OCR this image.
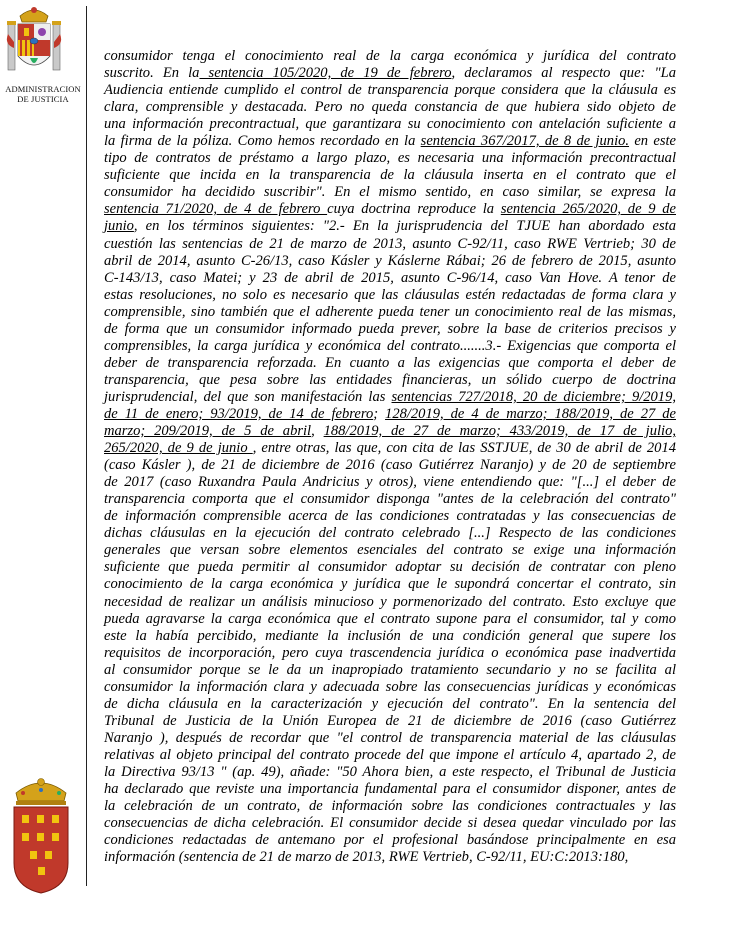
ADMINISTRACION
DE JUSTICIA
consumidor tenga el conocimiento real de la carga económica y jurídica del contrato
suscrito. En la sentencia 105/2020, de 19 de febrero, declaramos al respecto que: "La
Audiencia entiende cumplido el control de transparencia porque considera que la cláusula es
clara, comprensible y destacada. Pero no queda constancia de que hubiera sido objeto de
una información precontractual, que garantizara su conocimiento con antelación suficiente a
la firma de la póliza. Como hemos recordado en la sentencia 367/2017, de 8 de junio. en este
tipo de contratos de préstamo a largo plazo, es necesaria una información precontractual
suficiente que incida en la transparencia de la cláusula inserta en el contrato que el
consumidor ha decidido suscribir". En el mismo sentido, en caso similar, se expresa la
sentencia 71/2020, de 4 de febrero cuya doctrina reproduce la sentencia 265/2020, de 9 de
junio, en los términos siguientes: "2.- En la jurisprudencia del TJUE han abordado esta
cuestión las sentencias de 21 de marzo de 2013, asunto C-92/11, caso RWE Vertrieb; 30 de
abril de 2014, asunto C-26/13, caso Kásler y Káslerne Rábai; 26 de febrero de 2015, asunto
C-143/13, caso Matei; y 23 de abril de 2015, asunto C-96/14, caso Van Hove. A tenor de
estas resoluciones, no solo es necesario que las cláusulas estén redactadas de forma clara y
comprensible, sino también que el adherente pueda tener un conocimiento real de las mismas,
de forma que un consumidor informado pueda prever, sobre la base de criterios precisos y
comprensibles, la carga jurídica y económica del contrato.......3.- Exigencias que comporta el
deber de transparencia reforzada. En cuanto a las exigencias que comporta el deber de
transparencia, que pesa sobre las entidades financieras, un sólido cuerpo de doctrina
jurisprudencial, del que son manifestación las sentencias 727/2018, 20 de diciembre; 9/2019,
de 11 de enero; 93/2019, de 14 de febrero; 128/2019, de 4 de marzo; 188/2019, de 27 de
marzo; 209/2019, de 5 de abril, 188/2019, de 27 de marzo; 433/2019, de 17 de julio,
265/2020, de 9 de junio , entre otras, las que, con cita de las SSTJUE, de 30 de abril de 2014
(caso Kásler ), de 21 de diciembre de 2016 (caso Gutiérrez Naranjo) y de 20 de septiembre
de 2017 (caso Ruxandra Paula Andricius y otros), viene entendiendo que: "[...] el deber de
transparencia comporta que el consumidor disponga "antes de la celebración del contrato"
de información comprensible acerca de las condiciones contratadas y las consecuencias de
dichas cláusulas en la ejecución del contrato celebrado [...] Respecto de las condiciones
generales que versan sobre elementos esenciales del contrato se exige una información
suficiente que pueda permitir al consumidor adoptar su decisión de contratar con pleno
conocimiento de la carga económica y jurídica que le supondrá concertar el contrato, sin
necesidad de realizar un análisis minucioso y pormenorizado del contrato. Esto excluye que
pueda agravarse la carga económica que el contrato supone para el consumidor, tal y como
este la había percibido, mediante la inclusión de una condición general que supere los
requisitos de incorporación, pero cuya trascendencia jurídica o económica pase inadvertida
al consumidor porque se le da un inapropiado tratamiento secundario y no se facilita al
consumidor la información clara y adecuada sobre las consecuencias jurídicas y económicas
de dicha cláusula en la caracterización y ejecución del contrato". En la sentencia del
Tribunal de Justicia de la Unión Europea de 21 de diciembre de 2016 (caso Gutiérrez
Naranjo ), después de recordar que "el control de transparencia material de las cláusulas
relativas al objeto principal del contrato procede del que impone el artículo 4, apartado 2, de
la Directiva 93/13 " (ap. 49), añade: "50 Ahora bien, a este respecto, el Tribunal de Justicia
ha declarado que reviste una importancia fundamental para el consumidor disponer, antes de
la celebración de un contrato, de información sobre las condiciones contractuales y las
consecuencias de dicha celebración. El consumidor decide si desea quedar vinculado por las
condiciones redactadas de antemano por el profesional basándose principalmente en esa
información (sentencia de 21 de marzo de 2013, RWE Vertrieb, C-92/11, EU:C:2013:180,
